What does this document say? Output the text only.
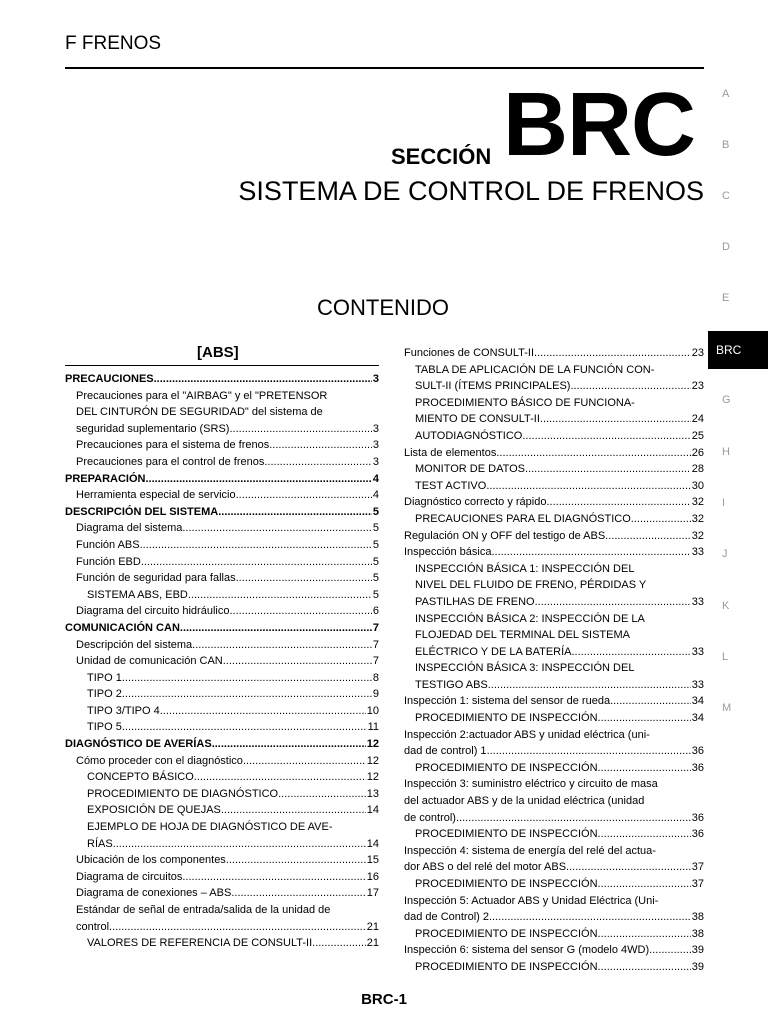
F FRENOS
SECCIÓN BRC
SISTEMA DE CONTROL DE FRENOS
CONTENIDO
A
B
C
D
E
BRC
G
H
I
J
K
L
M
[ABS]
PRECAUCIONES .....	3
Precauciones para el "AIRBAG" y el "PRETENSOR
DEL CINTURÓN DE SEGURIDAD" del sistema de
seguridad suplementario (SRS) .....	3
Precauciones para el sistema de frenos .....	3
Precauciones para el control de frenos .....	3
PREPARACIÓN .....	4
Herramienta especial de servicio .....	4
DESCRIPCIÓN DEL SISTEMA .....	5
Diagrama del sistema .....	5
Función ABS .....	5
Función EBD .....	5
Función de seguridad para fallas .....	5
SISTEMA ABS, EBD .....	5
Diagrama del circuito hidráulico .....	6
COMUNICACIÓN CAN .....	7
Descripción del sistema .....	7
Unidad de comunicación CAN .....	7
TIPO 1 .....	8
TIPO 2 .....	9
TIPO 3/TIPO 4 .....	10
TIPO 5 .....	11
DIAGNÓSTICO DE AVERÍAS .....	12
Cómo proceder con el diagnóstico .....	12
CONCEPTO BÁSICO .....	12
PROCEDIMIENTO DE DIAGNÓSTICO .....	13
EXPOSICIÓN DE QUEJAS .....	14
EJEMPLO DE HOJA DE DIAGNÓSTICO DE AVE-
RÍAS .....	14
Ubicación de los componentes .....	15
Diagrama de circuitos .....	16
Diagrama de conexiones – ABS .....	17
Estándar de señal de entrada/salida de la unidad de
control .....	21
VALORES DE REFERENCIA DE CONSULT-II .....	21
Funciones de CONSULT-II .....	23
TABLA DE APLICACIÓN DE LA FUNCIÓN CON-
SULT-II (ÍTEMS PRINCIPALES) .....	23
PROCEDIMIENTO BÁSICO DE FUNCIONA-
MIENTO DE CONSULT-II .....	24
AUTODIAGNÓSTICO .....	25
Lista de elementos .....	26
MONITOR DE DATOS .....	28
TEST ACTIVO .....	30
Diagnóstico correcto y rápido .....	32
PRECAUCIONES PARA EL DIAGNÓSTICO .....	32
Regulación ON y OFF del testigo de ABS .....	32
Inspección básica .....	33
INSPECCIÓN BÁSICA 1: INSPECCIÓN DEL
NIVEL DEL FLUIDO DE FRENO, PÉRDIDAS Y
PASTILHAS DE FRENO .....	33
INSPECCIÓN BÁSICA 2: INSPECCIÓN DE LA
FLOJEDAD DEL TERMINAL DEL SISTEMA
ELÉCTRICO Y DE LA BATERÍA .....	33
INSPECCIÓN BÁSICA 3: INSPECCIÓN DEL
TESTIGO ABS .....	33
Inspección 1: sistema del sensor de rueda .....	34
PROCEDIMIENTO DE INSPECCIÓN .....	34
Inspección 2:actuador ABS y unidad eléctrica (uni-
dad de control) 1 .....	36
PROCEDIMIENTO DE INSPECCIÓN .....	36
Inspección 3: suministro eléctrico y circuito de masa
del actuador ABS y de la unidad eléctrica (unidad
de control) .....	36
PROCEDIMIENTO DE INSPECCIÓN .....	36
Inspección 4: sistema de energía del relé del actua-
dor ABS o del relé del motor ABS .....	37
PROCEDIMIENTO DE INSPECCIÓN .....	37
Inspección 5: Actuador ABS y Unidad Eléctrica (Uni-
dad de Control) 2 .....	38
PROCEDIMIENTO DE INSPECCIÓN .....	38
Inspección 6: sistema del sensor G (modelo 4WD) .....	39
PROCEDIMIENTO DE INSPECCIÓN .....	39
BRC-1
